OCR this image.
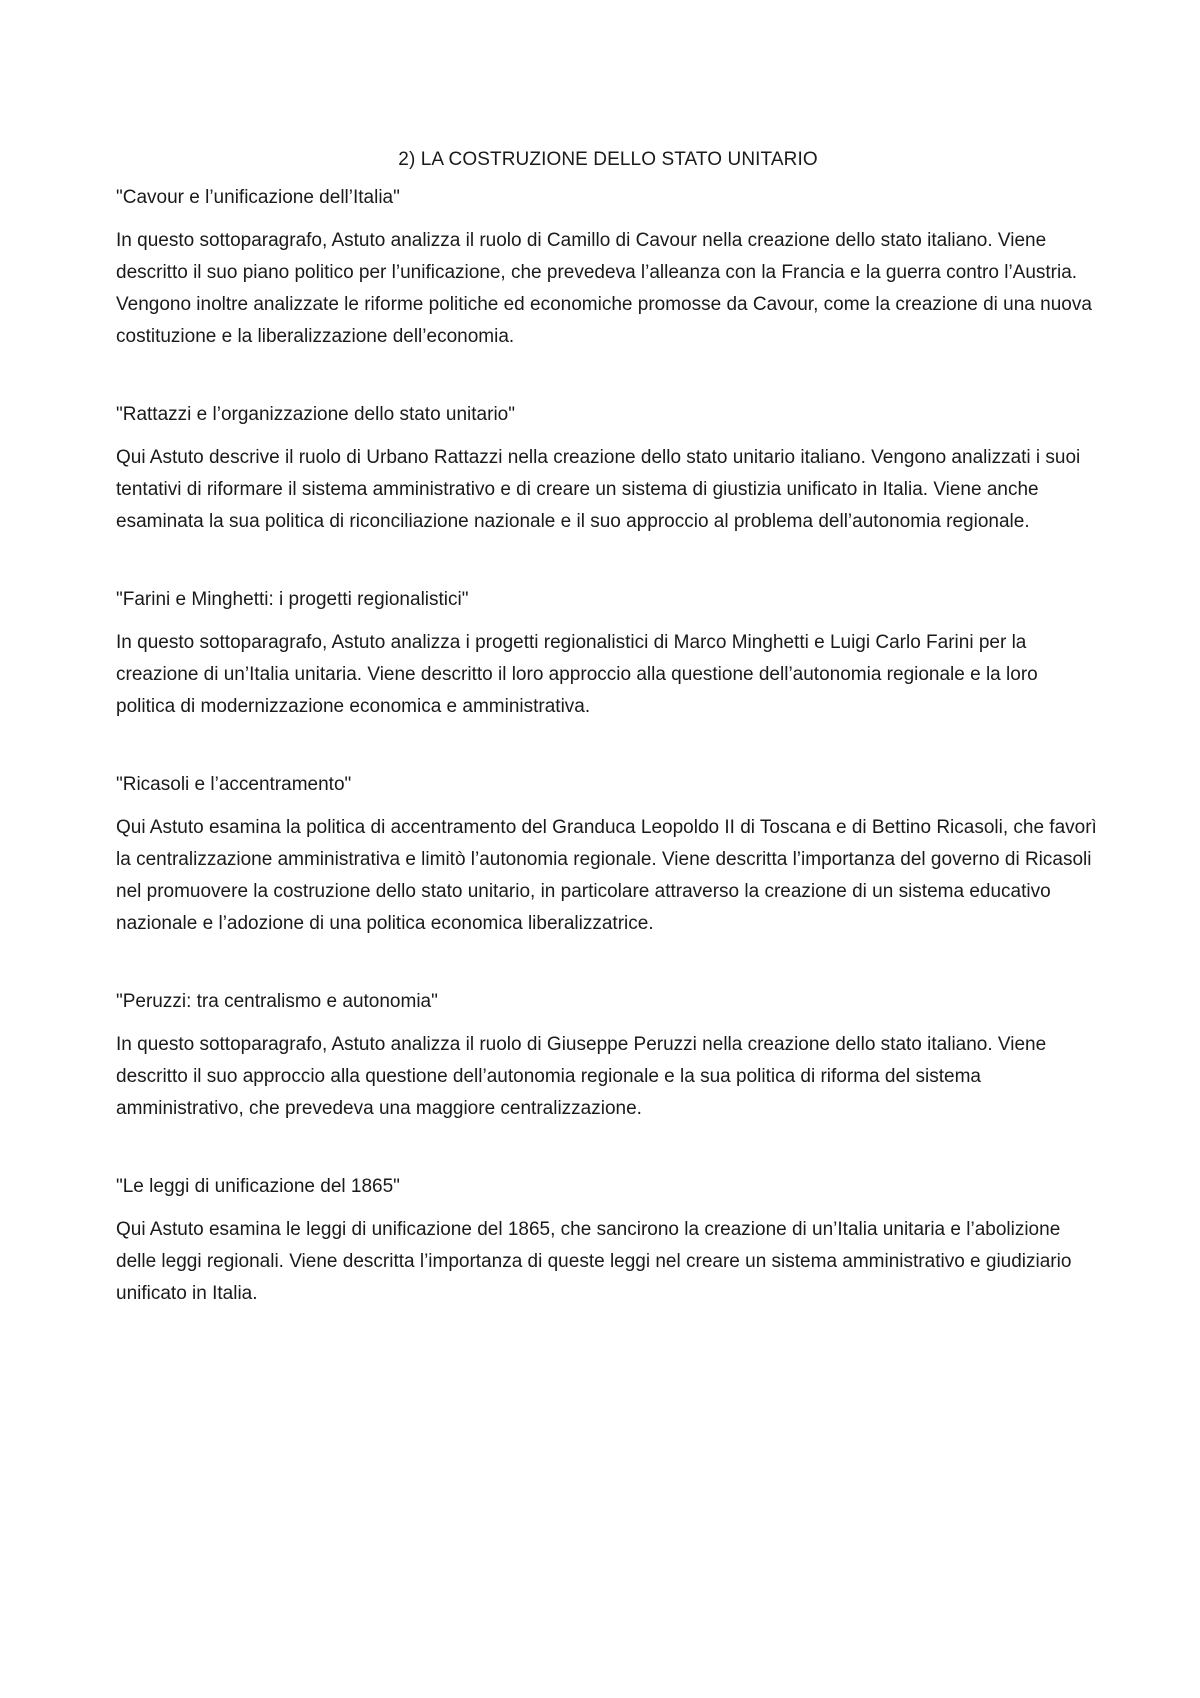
2) LA COSTRUZIONE DELLO STATO UNITARIO
"Cavour e l’unificazione dell’Italia"

In questo sottoparagrafo, Astuto analizza il ruolo di Camillo di Cavour nella creazione dello stato italiano. Viene descritto il suo piano politico per l’unificazione, che prevedeva l’alleanza con la Francia e la guerra contro l’Austria. Vengono inoltre analizzate le riforme politiche ed economiche promosse da Cavour, come la creazione di una nuova costituzione e la liberalizzazione dell’economia.

"Rattazzi e l’organizzazione dello stato unitario"

Qui Astuto descrive il ruolo di Urbano Rattazzi nella creazione dello stato unitario italiano. Vengono analizzati i suoi tentativi di riformare il sistema amministrativo e di creare un sistema di giustizia unificato in Italia. Viene anche esaminata la sua politica di riconciliazione nazionale e il suo approccio al problema dell’autonomia regionale.

"Farini e Minghetti: i progetti regionalistici"

In questo sottoparagrafo, Astuto analizza i progetti regionalistici di Marco Minghetti e Luigi Carlo Farini per la creazione di un’Italia unitaria. Viene descritto il loro approccio alla questione dell’autonomia regionale e la loro politica di modernizzazione economica e amministrativa.

"Ricasoli e l’accentramento"

Qui Astuto esamina la politica di accentramento del Granduca Leopoldo II di Toscana e di Bettino Ricasoli, che favorì la centralizzazione amministrativa e limitò l’autonomia regionale. Viene descritta l’importanza del governo di Ricasoli nel promuovere la costruzione dello stato unitario, in particolare attraverso la creazione di un sistema educativo nazionale e l’adozione di una politica economica liberalizzatrice.

"Peruzzi: tra centralismo e autonomia"

In questo sottoparagrafo, Astuto analizza il ruolo di Giuseppe Peruzzi nella creazione dello stato italiano. Viene descritto il suo approccio alla questione dell’autonomia regionale e la sua politica di riforma del sistema amministrativo, che prevedeva una maggiore centralizzazione.

"Le leggi di unificazione del 1865"

Qui Astuto esamina le leggi di unificazione del 1865, che sancirono la creazione di un’Italia unitaria e l’abolizione delle leggi regionali. Viene descritta l’importanza di queste leggi nel creare un sistema amministrativo e giudiziario unificato in Italia.
